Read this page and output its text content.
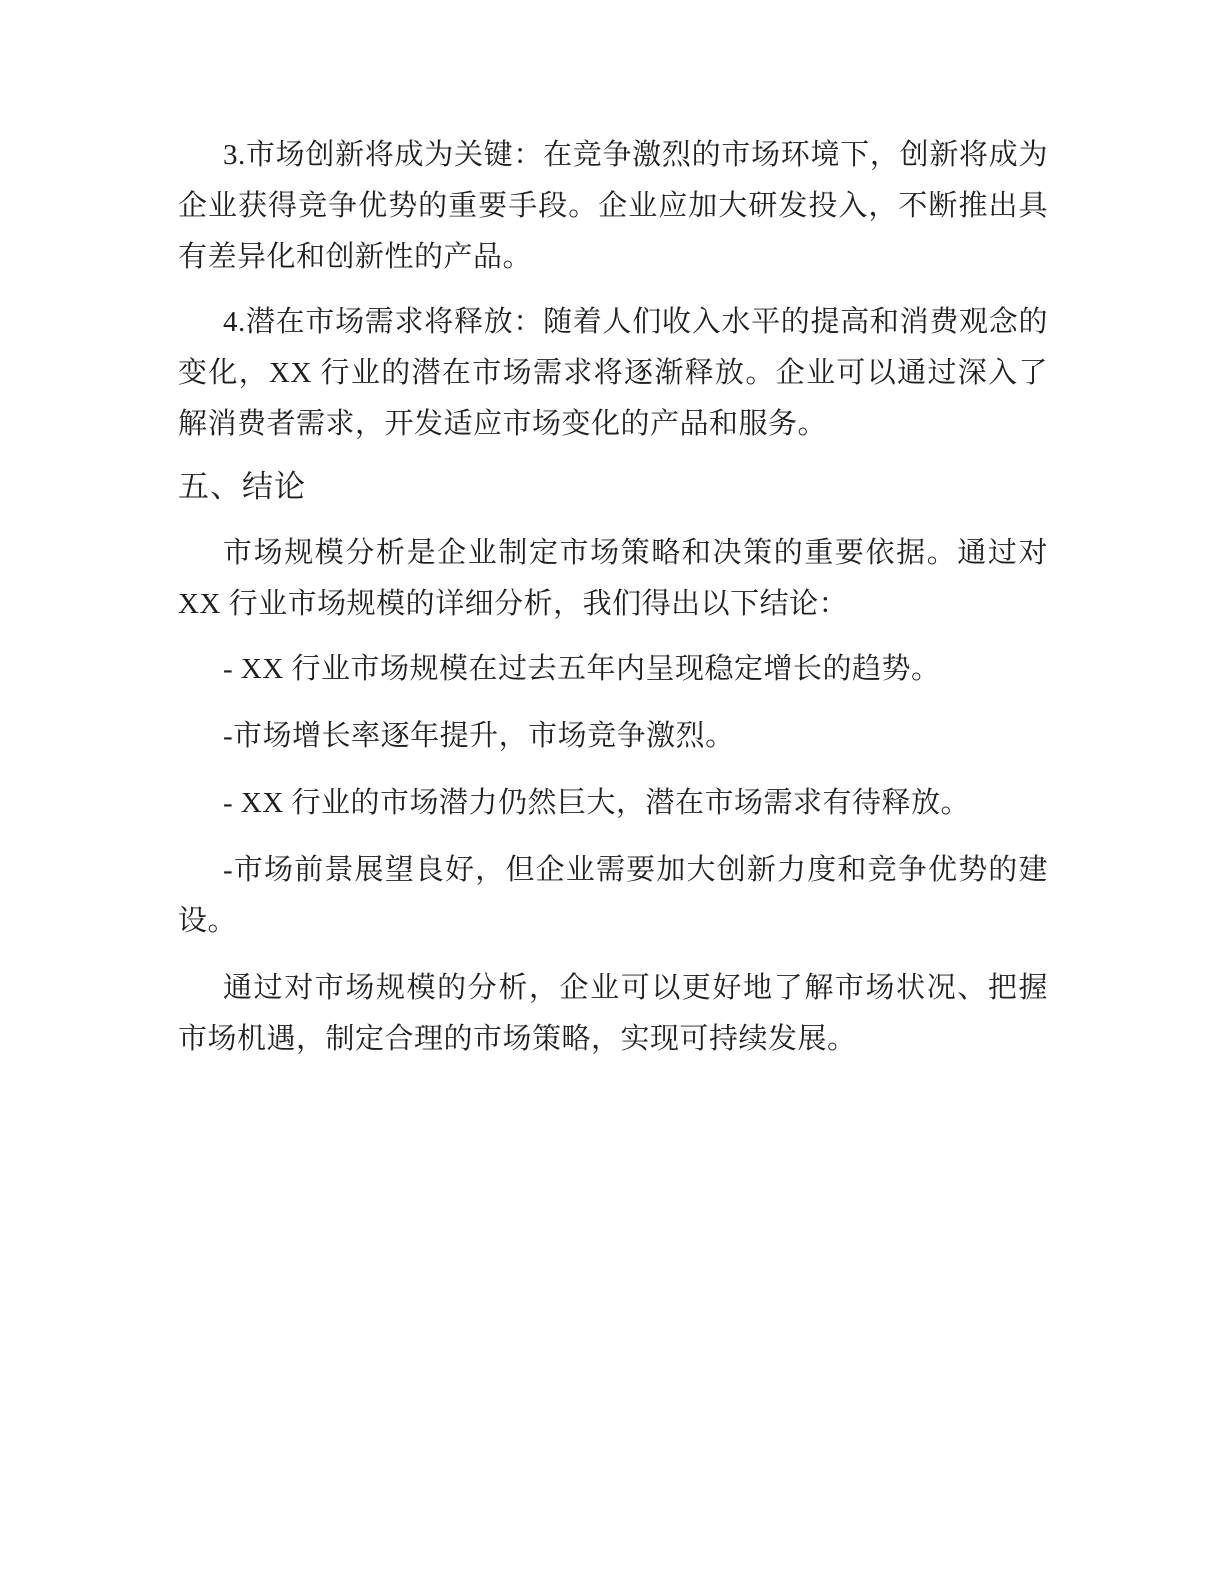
3.市场创新将成为关键：在竞争激烈的市场环境下，创新将成为企业获得竞争优势的重要手段。企业应加大研发投入，不断推出具有差异化和创新性的产品。

4.潜在市场需求将释放：随着人们收入水平的提高和消费观念的变化，XX 行业的潜在市场需求将逐渐释放。企业可以通过深入了解消费者需求，开发适应市场变化的产品和服务。

五、结论

市场规模分析是企业制定市场策略和决策的重要依据。通过对XX 行业市场规模的详细分析，我们得出以下结论：

- XX 行业市场规模在过去五年内呈现稳定增长的趋势。

-市场增长率逐年提升，市场竞争激烈。

- XX 行业的市场潜力仍然巨大，潜在市场需求有待释放。

-市场前景展望良好，但企业需要加大创新力度和竞争优势的建设。

通过对市场规模的分析，企业可以更好地了解市场状况、把握市场机遇，制定合理的市场策略，实现可持续发展。
